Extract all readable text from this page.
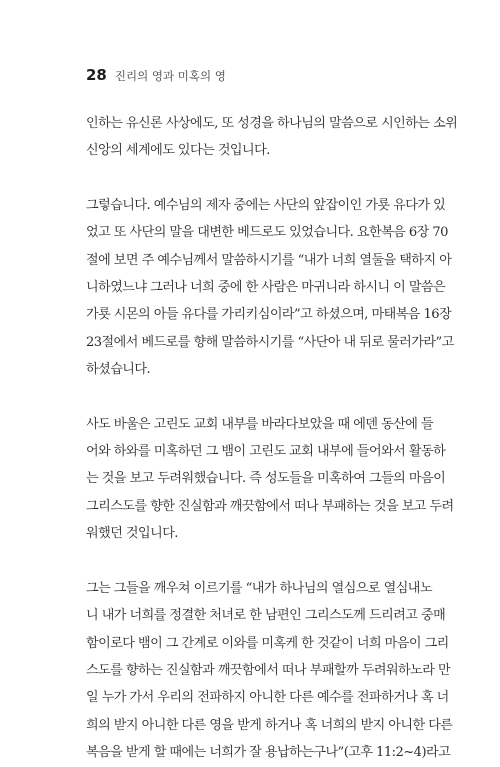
28 진리의 영과 미혹의 영
인하는 유신론 사상에도, 또 성경을 하나님의 말씀으로 시인하는 소위
신앙의 세계에도 있다는 것입니다.
그렇습니다. 예수님의 제자 중에는 사단의 앞잡이인 가룟 유다가 있
었고 또 사단의 말을 대변한 베드로도 있었습니다. 요한복음 6장 70
절에 보면 주 예수님께서 말씀하시기를 “내가 너희 열둘을 택하지 아
니하였느냐 그러나 너희 중에 한 사람은 마귀니라 하시니 이 말씀은
가룟 시몬의 아들 유다를 가리키심이라”고 하셨으며, 마태복음 16장
23절에서 베드로를 향해 말씀하시기를 “사단아 내 뒤로 물러가라”고
하셨습니다.
사도 바울은 고린도 교회 내부를 바라다보았을 때 에덴 동산에 들
어와 하와를 미혹하던 그 뱀이 고린도 교회 내부에 들어와서 활동하
는 것을 보고 두려워했습니다. 즉 성도들을 미혹하여 그들의 마음이
그리스도를 향한 진실함과 깨끗함에서 떠나 부패하는 것을 보고 두려
워했던 것입니다.
그는 그들을 깨우쳐 이르기를 “내가 하나님의 열심으로 열심내노
니 내가 너희를 정결한 처녀로 한 남편인 그리스도께 드리려고 중매
함이로다 뱀이 그 간계로 이와를 미혹케 한 것같이 너희 마음이 그리
스도를 향하는 진실함과 깨끗함에서 떠나 부패할까 두려워하노라 만
일 누가 가서 우리의 전파하지 아니한 다른 예수를 전파하거나 혹 너
희의 받지 아니한 다른 영을 받게 하거나 혹 너희의 받지 아니한 다른
복음을 받게 할 때에는 너희가 잘 용납하는구나”(고후 11:2~4)라고
